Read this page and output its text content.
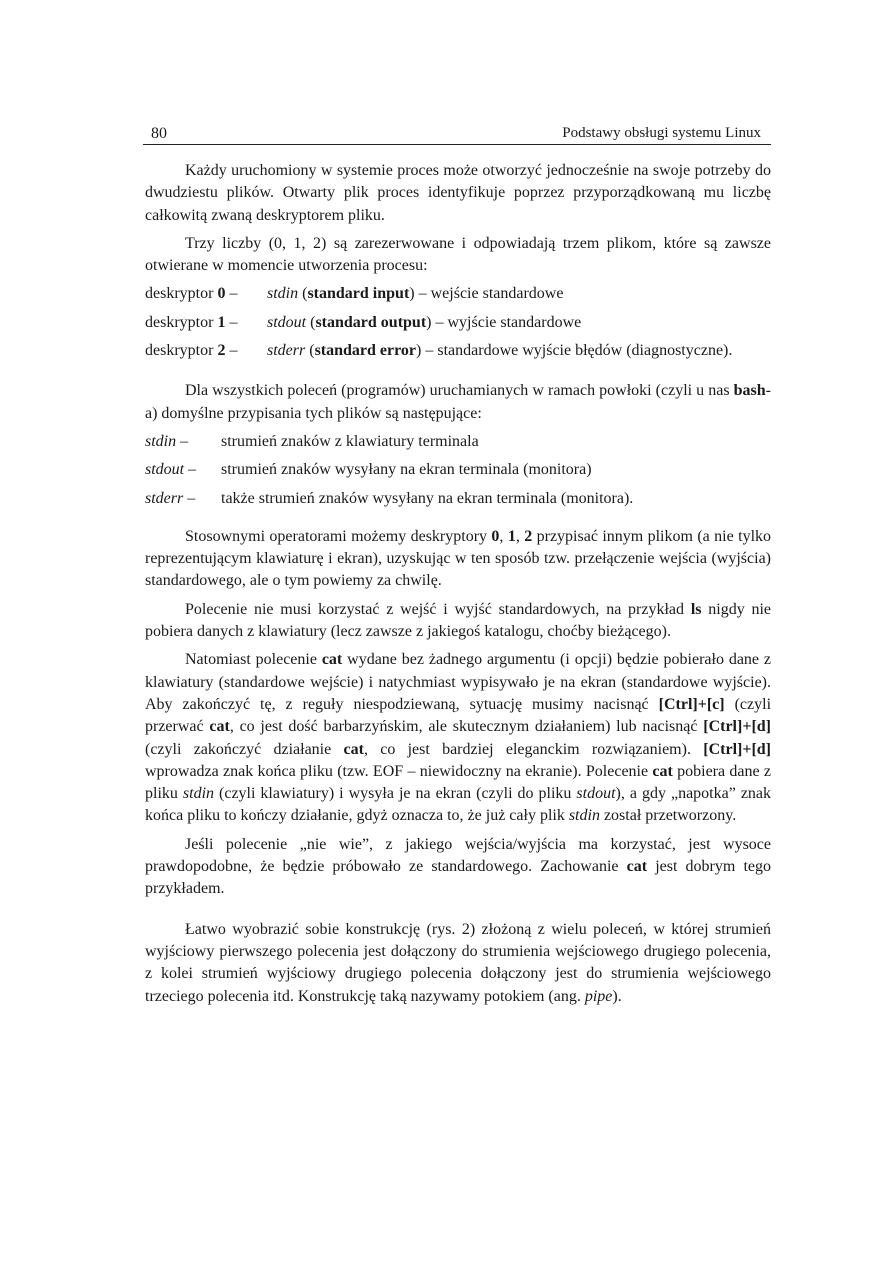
80	Podstawy obsługi systemu Linux

Każdy uruchomiony w systemie proces może otworzyć jednocześnie na swoje potrzeby do dwudziestu plików. Otwarty plik proces identyfikuje poprzez przyporządkowaną mu liczbę całkowitą zwaną deskryptorem pliku.

Trzy liczby (0, 1, 2) są zarezerwowane i odpowiadają trzem plikom, które są zawsze otwierane w momencie utworzenia procesu:

deskryptor 0 –	stdin (standard input) – wejście standardowe
deskryptor 1 –	stdout (standard output) – wyjście standardowe
deskryptor 2 –	stderr (standard error) – standardowe wyjście błędów (diagnostyczne).

Dla wszystkich poleceń (programów) uruchamianych w ramach powłoki (czyli u nas bash-a) domyślne przypisania tych plików są następujące:

stdin –	strumień znaków z klawiatury terminala
stdout –	strumień znaków wysyłany na ekran terminala (monitora)
stderr –	także strumień znaków wysyłany na ekran terminala (monitora).

Stosownymi operatorami możemy deskryptory 0, 1, 2 przypisać innym plikom (a nie tylko reprezentującym klawiaturę i ekran), uzyskując w ten sposób tzw. przełączenie wejścia (wyjścia) standardowego, ale o tym powiemy za chwilę.

Polecenie nie musi korzystać z wejść i wyjść standardowych, na przykład ls nigdy nie pobiera danych z klawiatury (lecz zawsze z jakiegoś katalogu, choćby bieżącego).

Natomiast polecenie cat wydane bez żadnego argumentu (i opcji) będzie pobierało dane z klawiatury (standardowe wejście) i natychmiast wypisywało je na ekran (standardowe wyjście). Aby zakończyć tę, z reguły niespodziewaną, sytuację musimy nacisnąć [Ctrl]+[c] (czyli przerwać cat, co jest dość barbarzyńskim, ale skutecznym działaniem) lub nacisnąć [Ctrl]+[d] (czyli zakończyć działanie cat, co jest bardziej eleganckim rozwiązaniem). [Ctrl]+[d] wprowadza znak końca pliku (tzw. EOF – niewidoczny na ekranie). Polecenie cat pobiera dane z pliku stdin (czyli klawiatury) i wysyła je na ekran (czyli do pliku stdout), a gdy „napotka” znak końca pliku to kończy działanie, gdyż oznacza to, że już cały plik stdin został przetworzony.

Jeśli polecenie „nie wie”, z jakiego wejścia/wyjścia ma korzystać, jest wysoce prawdopodobne, że będzie próbowało ze standardowego. Zachowanie cat jest dobrym tego przykładem.

Łatwo wyobrazić sobie konstrukcję (rys. 2) złożoną z wielu poleceń, w której strumień wyjściowy pierwszego polecenia jest dołączony do strumienia wejściowego drugiego polecenia, z kolei strumień wyjściowy drugiego polecenia dołączony jest do strumienia wejściowego trzeciego polecenia itd. Konstrukcję taką nazywamy potokiem (ang. pipe).
